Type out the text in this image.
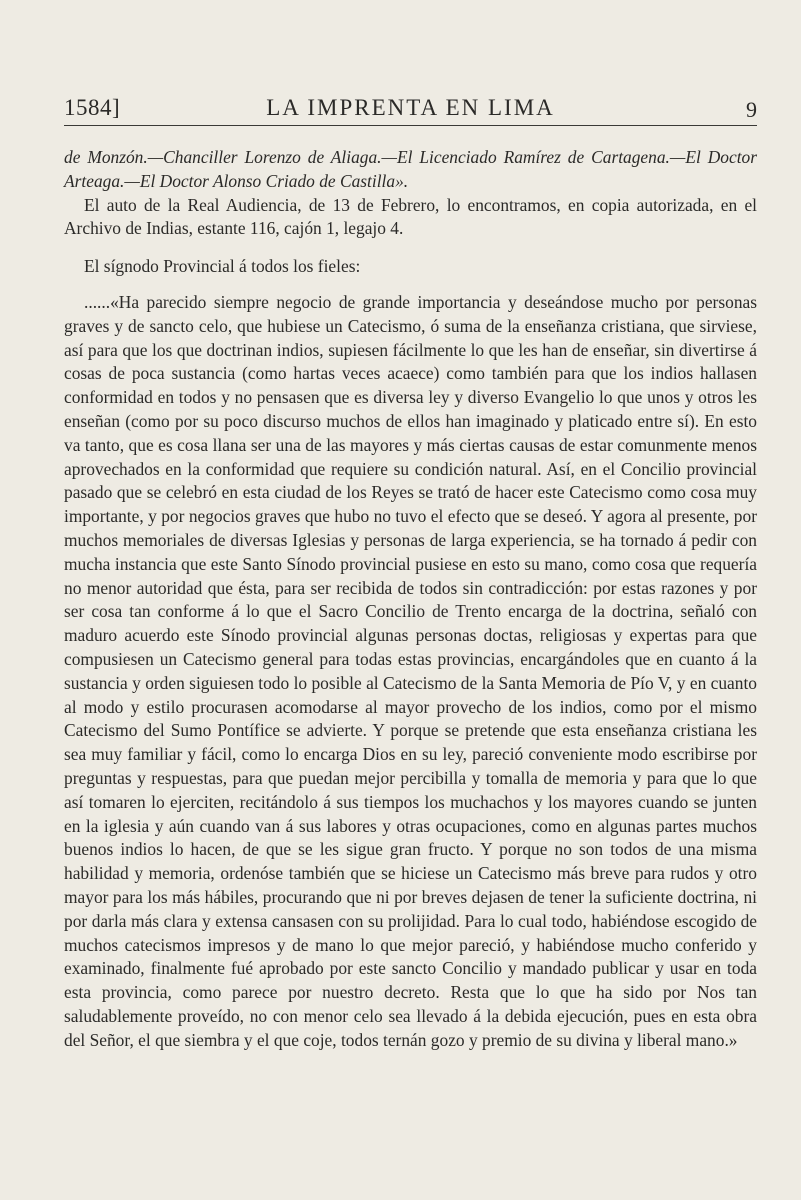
1584]	LA IMPRENTA EN LIMA	9

de Monzón.—Chanciller Lorenzo de Aliaga.—El Licenciado Ramírez de Cartagena.—El Doctor Arteaga.—El Doctor Alonso Criado de Castilla».

El auto de la Real Audiencia, de 13 de Febrero, lo encontramos, en copia autorizada, en el Archivo de Indias, estante 116, cajón 1, legajo 4.

El sígnodo Provincial á todos los fieles:

......«Ha parecido siempre negocio de grande importancia y deseándose mucho por personas graves y de sancto celo, que hubiese un Catecismo, ó suma de la enseñanza cristiana, que sirviese, así para que los que doctrinan indios, supiesen fácilmente lo que les han de enseñar, sin divertirse á cosas de poca sustancia (como hartas veces acaece) como también para que los indios hallasen conformidad en todos y no pensasen que es diversa ley y diverso Evangelio lo que unos y otros les enseñan (como por su poco discurso muchos de ellos han imaginado y platicado entre sí). En esto va tanto, que es cosa llana ser una de las mayores y más ciertas causas de estar comunmente menos aprovechados en la conformidad que requiere su condición natural. Así, en el Concilio provincial pasado que se celebró en esta ciudad de los Reyes se trató de hacer este Catecismo como cosa muy importante, y por negocios graves que hubo no tuvo el efecto que se deseó. Y agora al presente, por muchos memoriales de diversas Iglesias y personas de larga experiencia, se ha tornado á pedir con mucha instancia que este Santo Sínodo provincial pusiese en esto su mano, como cosa que requería no menor autoridad que ésta, para ser recibida de todos sin contradicción: por estas razones y por ser cosa tan conforme á lo que el Sacro Concilio de Trento encarga de la doctrina, señaló con maduro acuerdo este Sínodo provincial algunas personas doctas, religiosas y expertas para que compusiesen un Catecismo general para todas estas provincias, encargándoles que en cuanto á la sustancia y orden siguiesen todo lo posible al Catecismo de la Santa Memoria de Pío V, y en cuanto al modo y estilo procurasen acomodarse al mayor provecho de los indios, como por el mismo Catecismo del Sumo Pontífice se advierte. Y porque se pretende que esta enseñanza cristiana les sea muy familiar y fácil, como lo encarga Dios en su ley, pareció conveniente modo escribirse por preguntas y respuestas, para que puedan mejor percibilla y tomalla de memoria y para que lo que así tomaren lo ejerciten, recitándolo á sus tiempos los muchachos y los mayores cuando se junten en la iglesia y aún cuando van á sus labores y otras ocupaciones, como en algunas partes muchos buenos indios lo hacen, de que se les sigue gran fructo. Y porque no son todos de una misma habilidad y memoria, ordenóse también que se hiciese un Catecismo más breve para rudos y otro mayor para los más hábiles, procurando que ni por breves dejasen de tener la suficiente doctrina, ni por darla más clara y extensa cansasen con su prolijidad. Para lo cual todo, habiéndose escogido de muchos catecismos impresos y de mano lo que mejor pareció, y habiéndose mucho conferido y examinado, finalmente fué aprobado por este sancto Concilio y mandado publicar y usar en toda esta provincia, como parece por nuestro decreto. Resta que lo que ha sido por Nos tan saludablemente proveído, no con menor celo sea llevado á la debida ejecución, pues en esta obra del Señor, el que siembra y el que coje, todos ternán gozo y premio de su divina y liberal mano.»
